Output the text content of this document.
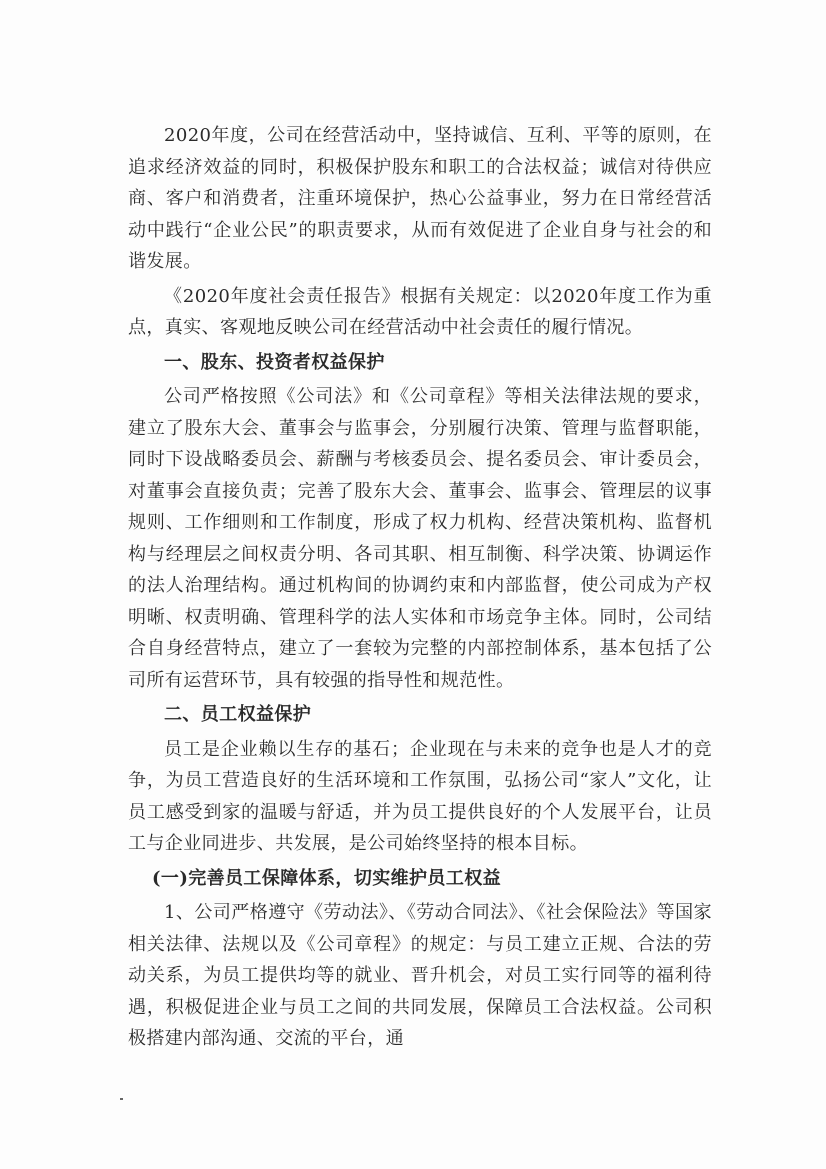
2020年度，公司在经营活动中，坚持诚信、互利、平等的原则，在追求经济效益的同时，积极保护股东和职工的合法权益；诚信对待供应商、客户和消费者，注重环境保护，热心公益事业，努力在日常经营活动中践行“企业公民”的职责要求，从而有效促进了企业自身与社会的和谐发展。

《2020年度社会责任报告》根据有关规定：以2020年度工作为重点，真实、客观地反映公司在经营活动中社会责任的履行情况。

一、股东、投资者权益保护

公司严格按照《公司法》和《公司章程》等相关法律法规的要求，建立了股东大会、董事会与监事会，分别履行决策、管理与监督职能，同时下设战略委员会、薪酬与考核委员会、提名委员会、审计委员会，对董事会直接负责；完善了股东大会、董事会、监事会、管理层的议事规则、工作细则和工作制度，形成了权力机构、经营决策机构、监督机构与经理层之间权责分明、各司其职、相互制衡、科学决策、协调运作的法人治理结构。通过机构间的协调约束和内部监督，使公司成为产权明晰、权责明确、管理科学的法人实体和市场竞争主体。同时，公司结合自身经营特点，建立了一套较为完整的内部控制体系，基本包括了公司所有运营环节，具有较强的指导性和规范性。

二、员工权益保护

员工是企业赖以生存的基石；企业现在与未来的竞争也是人才的竞争，为员工营造良好的生活环境和工作氛围，弘扬公司“家人”文化，让员工感受到家的温暖与舒适，并为员工提供良好的个人发展平台，让员工与企业同进步、共发展，是公司始终坚持的根本目标。

(一)完善员工保障体系，切实维护员工权益

1、公司严格遵守《劳动法》、《劳动合同法》、《社会保险法》等国家相关法律、法规以及《公司章程》的规定：与员工建立正规、合法的劳动关系，为员工提供均等的就业、晋升机会，对员工实行同等的福利待遇，积极促进企业与员工之间的共同发展，保障员工合法权益。公司积极搭建内部沟通、交流的平台，通
